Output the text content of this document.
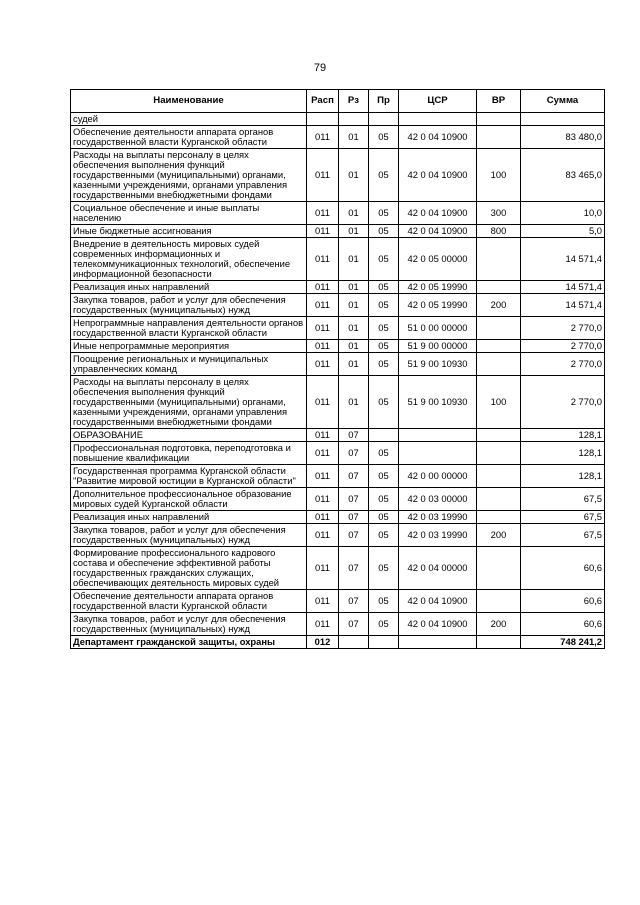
79
Наименование	Расп	Рз	Пр	ЦСР	ВР	Сумма
судей						
Обеспечение деятельности аппарата органов государственной власти Курганской области	011	01	05	42 0 04 10900		83 480,0
Расходы на выплаты персоналу в целях обеспечения выполнения функций государственными (муниципальными) органами, казенными учреждениями, органами управления государственными внебюджетными фондами	011	01	05	42 0 04 10900	100	83 465,0
Социальное обеспечение и иные выплаты населению	011	01	05	42 0 04 10900	300	10,0
Иные бюджетные ассигнования	011	01	05	42 0 04 10900	800	5,0
Внедрение в деятельность мировых судей современных информационных и телекоммуникационных технологий, обеспечение информационной безопасности	011	01	05	42 0 05 00000		14 571,4
Реализация иных направлений	011	01	05	42 0 05 19990		14 571,4
Закупка товаров, работ и услуг для обеспечения государственных (муниципальных) нужд	011	01	05	42 0 05 19990	200	14 571,4
Непрограммные направления деятельности органов государственной власти Курганской области	011	01	05	51 0 00 00000		2 770,0
Иные непрограммные мероприятия	011	01	05	51 9 00 00000		2 770,0
Поощрение региональных и муниципальных управленческих команд	011	01	05	51 9 00 10930		2 770,0
Расходы на выплаты персоналу в целях обеспечения выполнения функций государственными (муниципальными) органами, казенными учреждениями, органами управления государственными внебюджетными фондами	011	01	05	51 9 00 10930	100	2 770,0
ОБРАЗОВАНИЕ	011	07				128,1
Профессиональная подготовка, переподготовка и повышение квалификации	011	07	05			128,1
Государственная программа Курганской области "Развитие мировой юстиции в Курганской области"	011	07	05	42 0 00 00000		128,1
Дополнительное профессиональное образование мировых судей Курганской области	011	07	05	42 0 03 00000		67,5
Реализация иных направлений	011	07	05	42 0 03 19990		67,5
Закупка товаров, работ и услуг для обеспечения государственных (муниципальных) нужд	011	07	05	42 0 03 19990	200	67,5
Формирование профессионального кадрового состава и обеспечение эффективной работы государственных гражданских служащих, обеспечивающих деятельность мировых судей	011	07	05	42 0 04 00000		60,6
Обеспечение деятельности аппарата органов государственной власти Курганской области	011	07	05	42 0 04 10900		60,6
Закупка товаров, работ и услуг для обеспечения государственных (муниципальных) нужд	011	07	05	42 0 04 10900	200	60,6
Департамент гражданской защиты, охраны	012					748 241,2
